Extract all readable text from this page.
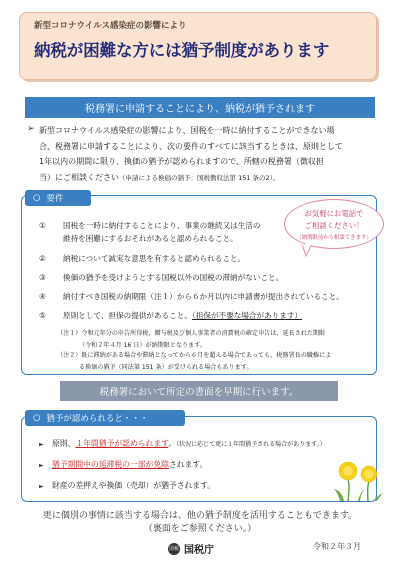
新型コロナウイルス感染症の影響により
納税が困難な方には猶予制度があります
税務署に申請することにより、納税が猶予されます
➢ 新型コロナウイルス感染症の影響により、国税を一時に納付することができない場
合、税務署に申請することにより、次の要件のすべてに該当するときは、原則として
1年以内の期間に限り、換価の猶予が認められますので、所轄の税務署（徴収担
当）にご相談ください（申請による換価の猶予：国税徴収法第 151 条の2）。
○ 要件
①	国税を一時に納付することにより、事業の継続又は生活の
維持を困難にするおそれがあると認められること。
②	納税について誠実な意思を有すると認められること。
③	換価の猶予を受けようとする国税以外の国税の滞納がないこと。
④	納付すべき国税の納期限（注１）から６か月以内に申請書が提出されていること。
⑤	原則として、担保の提供があること。（担保が不要な場合があります）
（注１）令和元年分の申告所得税、贈与税及び個人事業者の消費税の確定申告は、延長された期限
（令和２年４月 16 日）が納期限となります。
（注２）既に滞納がある場合や滞納となってから６月を超える場合であっても、税務署長の職権によ
る換価の猶予（同法第 151 条）が受けられる場合もあります。
お気軽にお電話で
ご相談ください！
（納期限前から相談できます）
税務署において所定の書面を早期に行います。
○ 猶予が認められると・・・
► 原則、１年間猶予が認められます。（状況に応じて更に１年間猶予される場合があります。）
► 猶予期間中の延滞税の一部が免除されます。
► 財産の差押えや換価（売却）が猶予されます。
更に個別の事情に該当する場合は、他の猶予制度を活用することもできます。
（裏面をご参照ください。）
国税 国税庁	令和２年３月
